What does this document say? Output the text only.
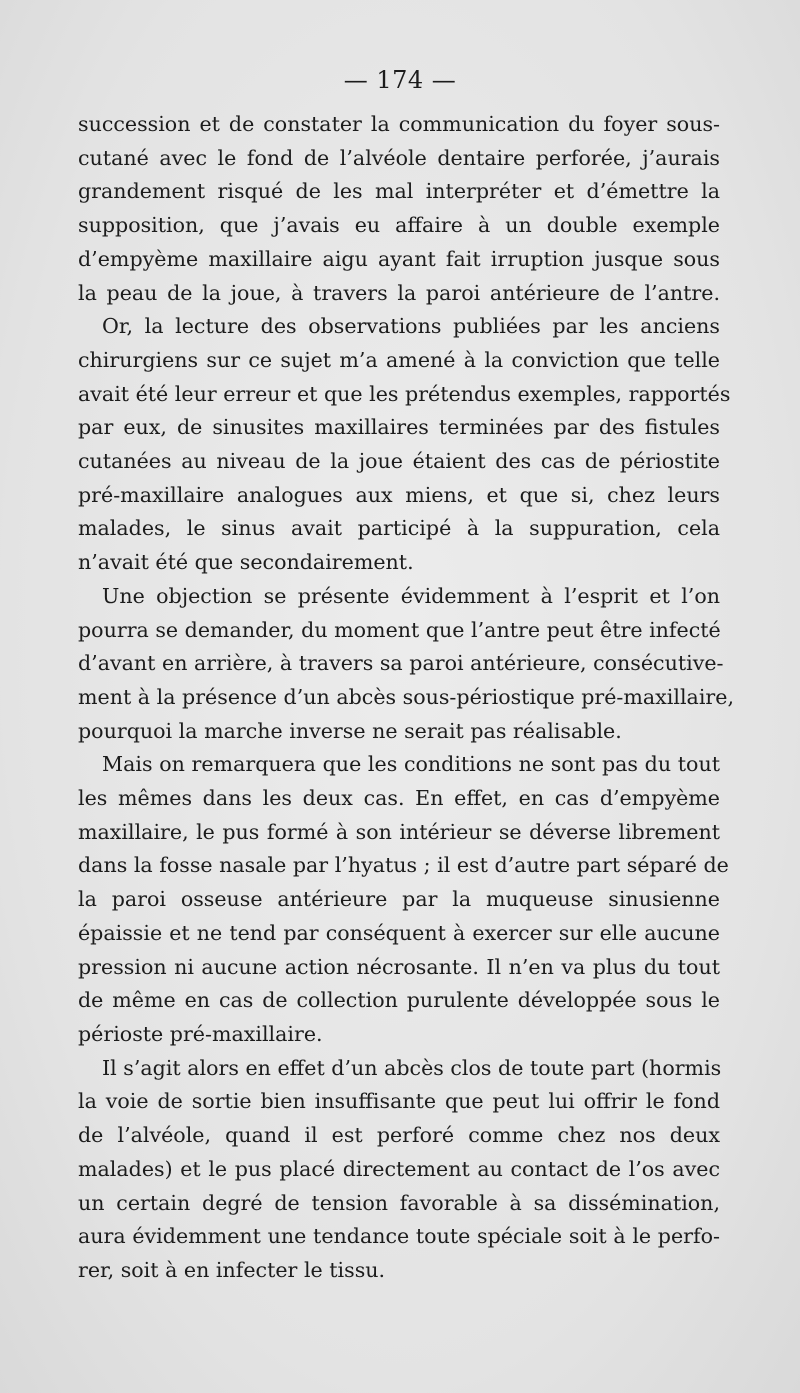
— 174 —
succession et de constater la communication du foyer sous-
cutané avec le fond de l’alvéole dentaire perforée, j’aurais
grandement risqué de les mal interpréter et d’émettre la
supposition, que j’avais eu affaire à un double exemple
d’empyème maxillaire aigu ayant fait irruption jusque sous
la peau de la joue, à travers la paroi antérieure de l’antre.
Or, la lecture des observations publiées par les anciens
chirurgiens sur ce sujet m’a amené à la conviction que telle
avait été leur erreur et que les prétendus exemples, rapportés
par eux, de sinusites maxillaires terminées par des fistules
cutanées au niveau de la joue étaient des cas de périostite
pré-maxillaire analogues aux miens, et que si, chez leurs
malades, le sinus avait participé à la suppuration, cela
n’avait été que secondairement.
Une objection se présente évidemment à l’esprit et l’on
pourra se demander, du moment que l’antre peut être infecté
d’avant en arrière, à travers sa paroi antérieure, consécutive-
ment à la présence d’un abcès sous-périostique pré-maxillaire,
pourquoi la marche inverse ne serait pas réalisable.
Mais on remarquera que les conditions ne sont pas du tout
les mêmes dans les deux cas. En effet, en cas d’empyème
maxillaire, le pus formé à son intérieur se déverse librement
dans la fosse nasale par l’hyatus ; il est d’autre part séparé de
la paroi osseuse antérieure par la muqueuse sinusienne
épaissie et ne tend par conséquent à exercer sur elle aucune
pression ni aucune action nécrosante. Il n’en va plus du tout
de même en cas de collection purulente développée sous le
périoste pré-maxillaire.
Il s’agit alors en effet d’un abcès clos de toute part (hormis
la voie de sortie bien insuffisante que peut lui offrir le fond
de l’alvéole, quand il est perforé comme chez nos deux
malades) et le pus placé directement au contact de l’os avec
un certain degré de tension favorable à sa dissémination,
aura évidemment une tendance toute spéciale soit à le perfo-
rer, soit à en infecter le tissu.
